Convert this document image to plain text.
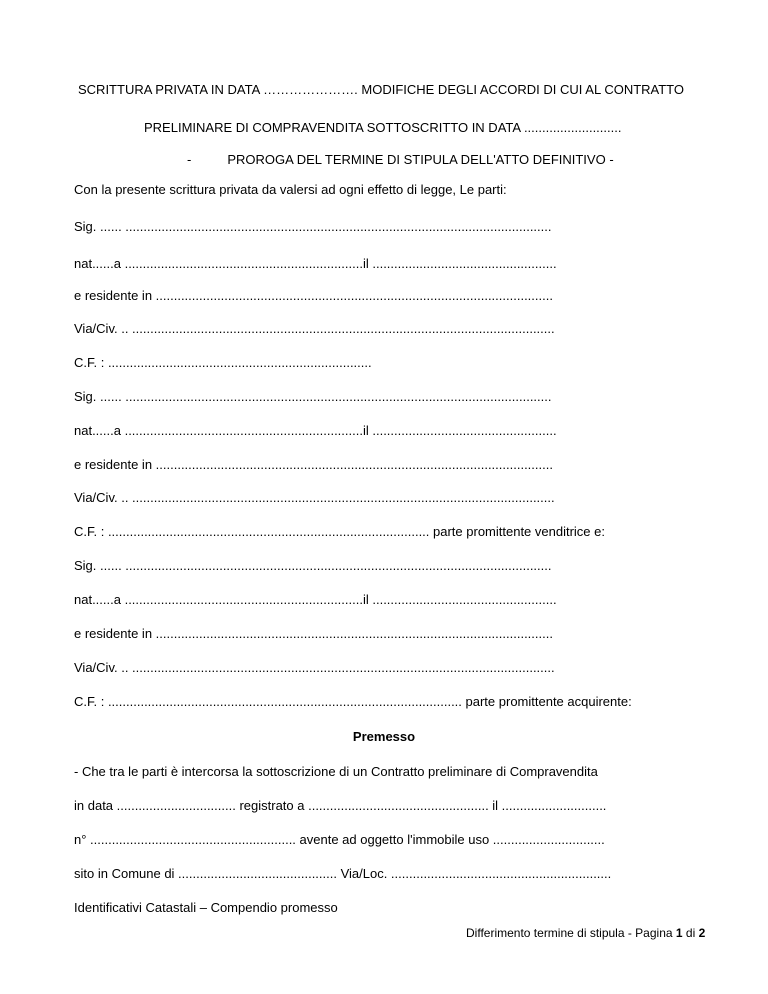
SCRITTURA PRIVATA IN DATA …………………. MODIFICHE DEGLI ACCORDI DI CUI AL CONTRATTO
PRELIMINARE DI COMPRAVENDITA SOTTOSCRITTO IN DATA ...........................
-	PROROGA DEL TERMINE DI STIPULA DELL'ATTO DEFINITIVO -
Con la presente scrittura privata da valersi ad ogni effetto di legge, Le parti:
Sig. ...... ......................................................................................................................
nat......a ..................................................................il ...................................................
e residente in ..............................................................................................................
Via/Civ. .. .....................................................................................................................
C.F. : .........................................................................
Sig. ...... ......................................................................................................................
nat......a ..................................................................il ...................................................
e residente in ..............................................................................................................
Via/Civ. .. .....................................................................................................................
C.F. : ......................................................................................... parte promittente venditrice e:
Sig. ...... ......................................................................................................................
nat......a ..................................................................il ...................................................
e residente in ..............................................................................................................
Via/Civ. .. .....................................................................................................................
C.F. : .................................................................................................. parte promittente acquirente:
Premesso
- Che tra le parti è intercorsa la sottoscrizione di un Contratto preliminare di Compravendita
in data ................................. registrato a .................................................. il .............................
n° ......................................................... avente ad oggetto l'immobile uso ...............................
sito in Comune di ............................................ Via/Loc. .............................................................
Identificativi Catastali – Compendio promesso
Differimento termine di stipula - Pagina 1 di 2
